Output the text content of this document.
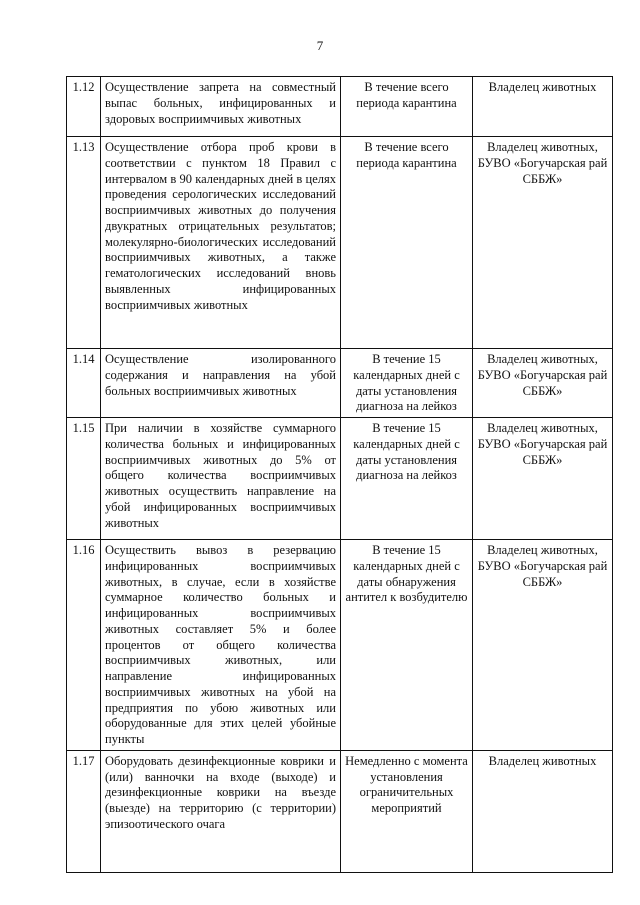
7
1.12	Осуществление запрета на совместный выпас больных, инфицированных и здоровых восприимчивых животных	В течение всего периода карантина	Владелец животных
1.13	Осуществление отбора проб крови в соответствии с пунктом 18 Правил с интервалом в 90 календарных дней в целях проведения серологических исследований восприимчивых животных до получения двукратных отрицательных результатов; молекулярно-биологических исследований восприимчивых животных, а также гематологических исследований вновь выявленных инфицированных восприимчивых животных	В течение всего периода карантина	Владелец животных, БУВО «Богучарская рай СББЖ»
1.14	Осуществление изолированного содержания и направления на убой больных восприимчивых животных	В течение 15 календарных дней с даты установления диагноза на лейкоз	Владелец животных, БУВО «Богучарская рай СББЖ»
1.15	При наличии в хозяйстве суммарного количества больных и инфицированных восприимчивых животных до 5% от общего количества восприимчивых животных осуществить направление на убой инфицированных восприимчивых животных	В течение 15 календарных дней с даты установления диагноза на лейкоз	Владелец животных, БУВО «Богучарская рай СББЖ»
1.16	Осуществить вывоз в резервацию инфицированных восприимчивых животных, в случае, если в хозяйстве суммарное количество больных и инфицированных восприимчивых животных составляет 5% и более процентов от общего количества восприимчивых животных, или направление инфицированных восприимчивых животных на убой на предприятия по убою животных или оборудованные для этих целей убойные пункты	В течение 15 календарных дней с даты обнаружения антител к возбудителю	Владелец животных, БУВО «Богучарская рай СББЖ»
1.17	Оборудовать дезинфекционные коврики и (или) ванночки на входе (выходе) и дезинфекционные коврики на въезде (выезде) на территорию (с территории) эпизоотического очага	Немедленно с момента установления ограничительных мероприятий	Владелец животных
